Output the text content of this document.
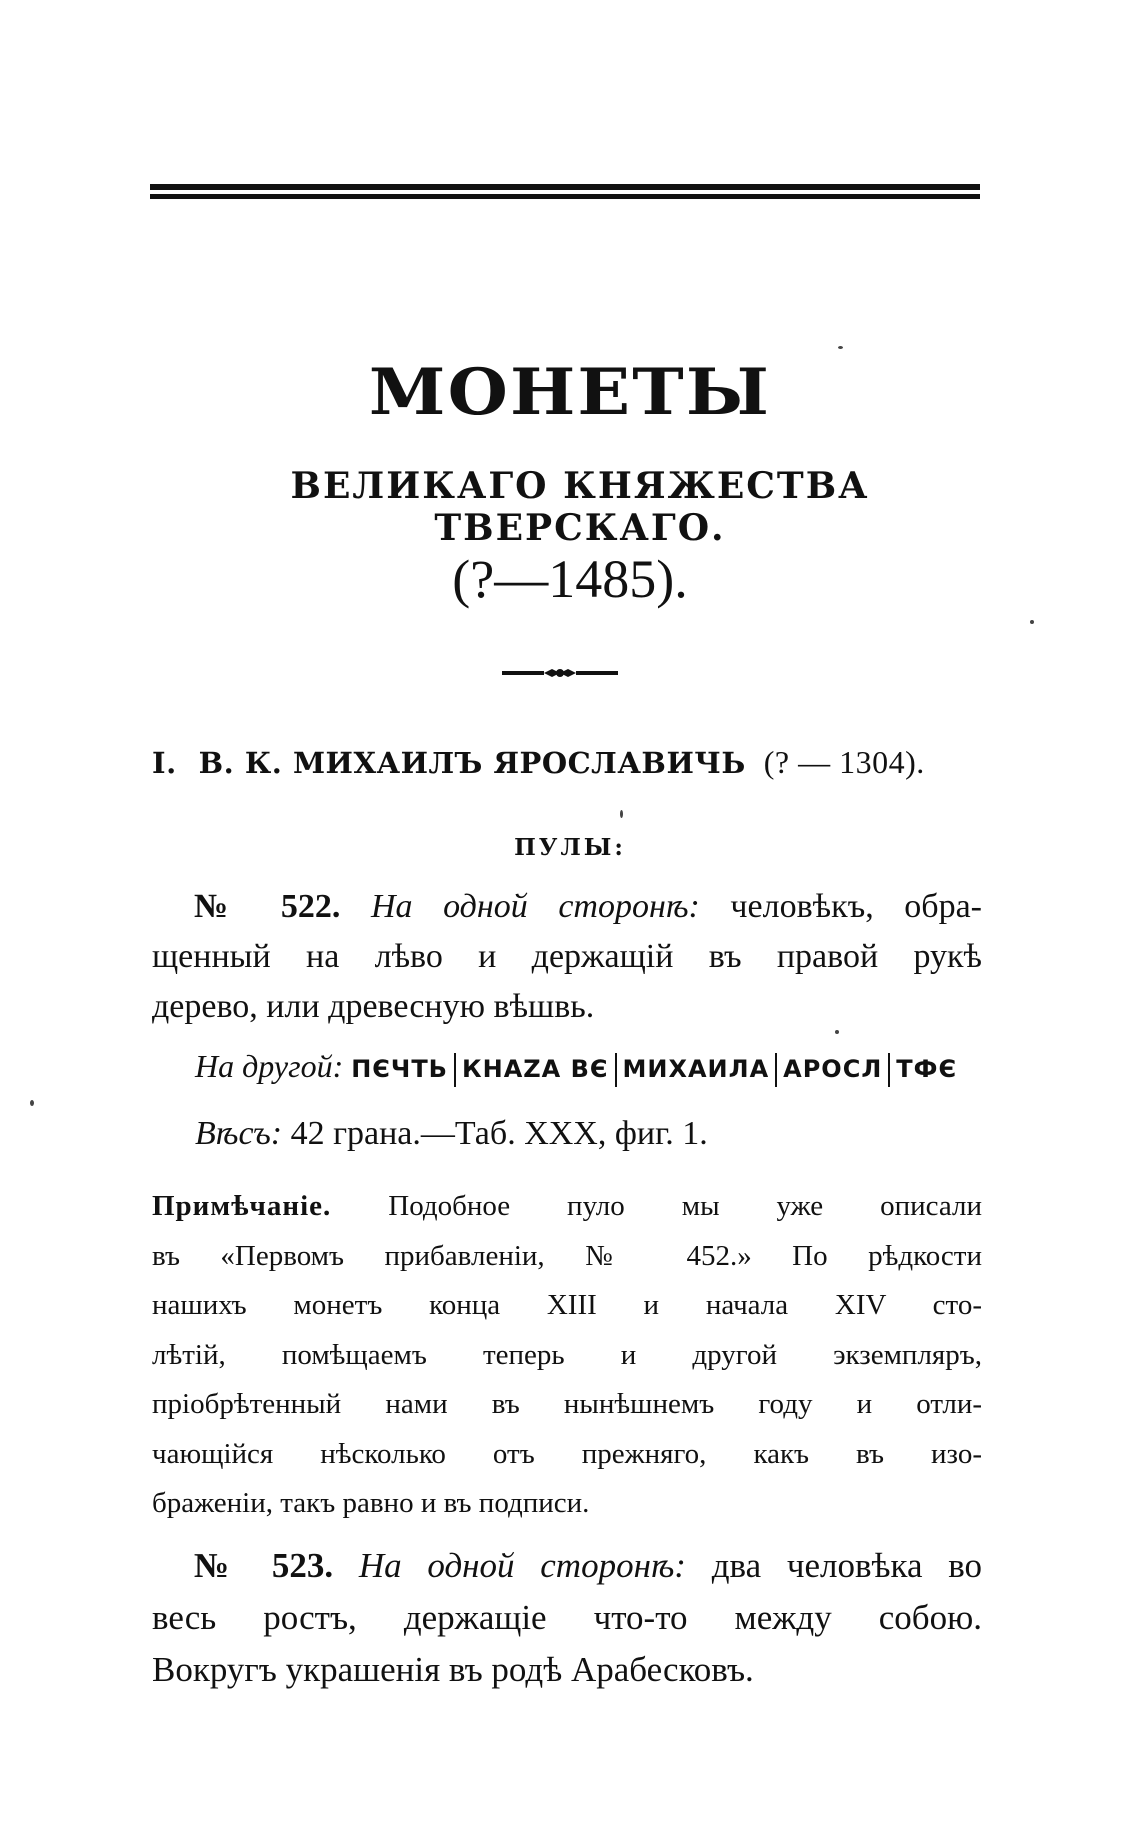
МОНЕТЫ
ВЕЛИКАГО КНЯЖЕСТВА ТВЕРСКАГО.
(?—1485).
I. В. К. МИХАИЛЪ ЯРОСЛАВИЧЬ (? — 1304).
ПУЛЫ:
№ 522. На одной сторонѣ: человѣкъ, обра-
щенный на лѣво и держащій въ правой рукѣ
дерево, или древесную вѣшвь.
На другой: ПЄЧТЬ КНАZА ВЄ МИХАИЛА АРОСЛ ТФЄ
Вѣсъ: 42 грана.—Таб. XXX, фиг. 1.
Примѣчаніе. Подобное пуло мы уже описали
въ «Первомъ прибавленіи, № 452.» По рѣдкости
нашихъ монетъ конца XIII и начала XIV сто-
лѣтій, помѣщаемъ теперь и другой экземпляръ,
пріобрѣтенный нами въ нынѣшнемъ году и отли-
чающійся нѣсколько отъ прежняго, какъ въ изо-
браженіи, такъ равно и въ подписи.
№ 523. На одной сторонѣ: два человѣка во
весь ростъ, держащіе что-то между собою.
Вокругъ украшенія въ родѣ Арабесковъ.
